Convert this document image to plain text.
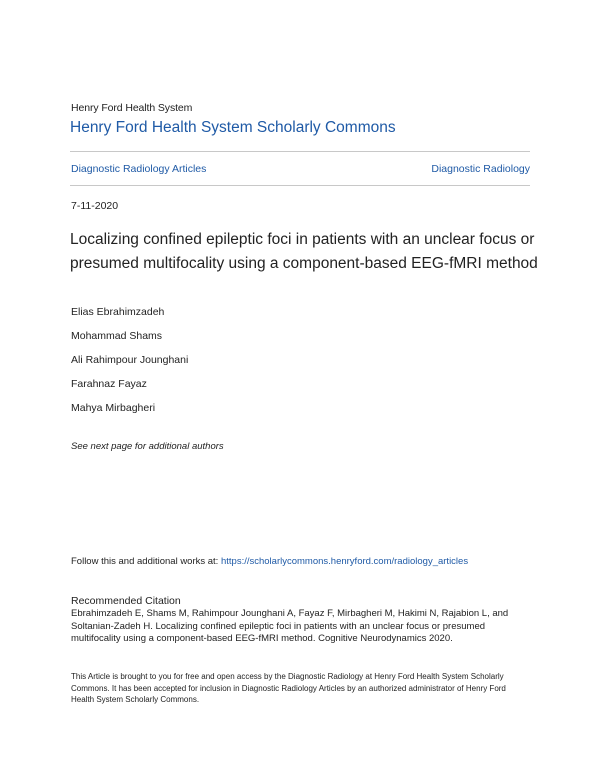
Henry Ford Health System
Henry Ford Health System Scholarly Commons
Diagnostic Radiology Articles	Diagnostic Radiology
7-11-2020
Localizing confined epileptic foci in patients with an unclear focus or presumed multifocality using a component-based EEG-fMRI method
Elias Ebrahimzadeh
Mohammad Shams
Ali Rahimpour Jounghani
Farahnaz Fayaz
Mahya Mirbagheri
See next page for additional authors
Follow this and additional works at: https://scholarlycommons.henryford.com/radiology_articles
Recommended Citation

Ebrahimzadeh E, Shams M, Rahimpour Jounghani A, Fayaz F, Mirbagheri M, Hakimi N, Rajabion L, and Soltanian-Zadeh H. Localizing confined epileptic foci in patients with an unclear focus or presumed multifocality using a component-based EEG-fMRI method. Cognitive Neurodynamics 2020.

This Article is brought to you for free and open access by the Diagnostic Radiology at Henry Ford Health System Scholarly Commons. It has been accepted for inclusion in Diagnostic Radiology Articles by an authorized administrator of Henry Ford Health System Scholarly Commons.
